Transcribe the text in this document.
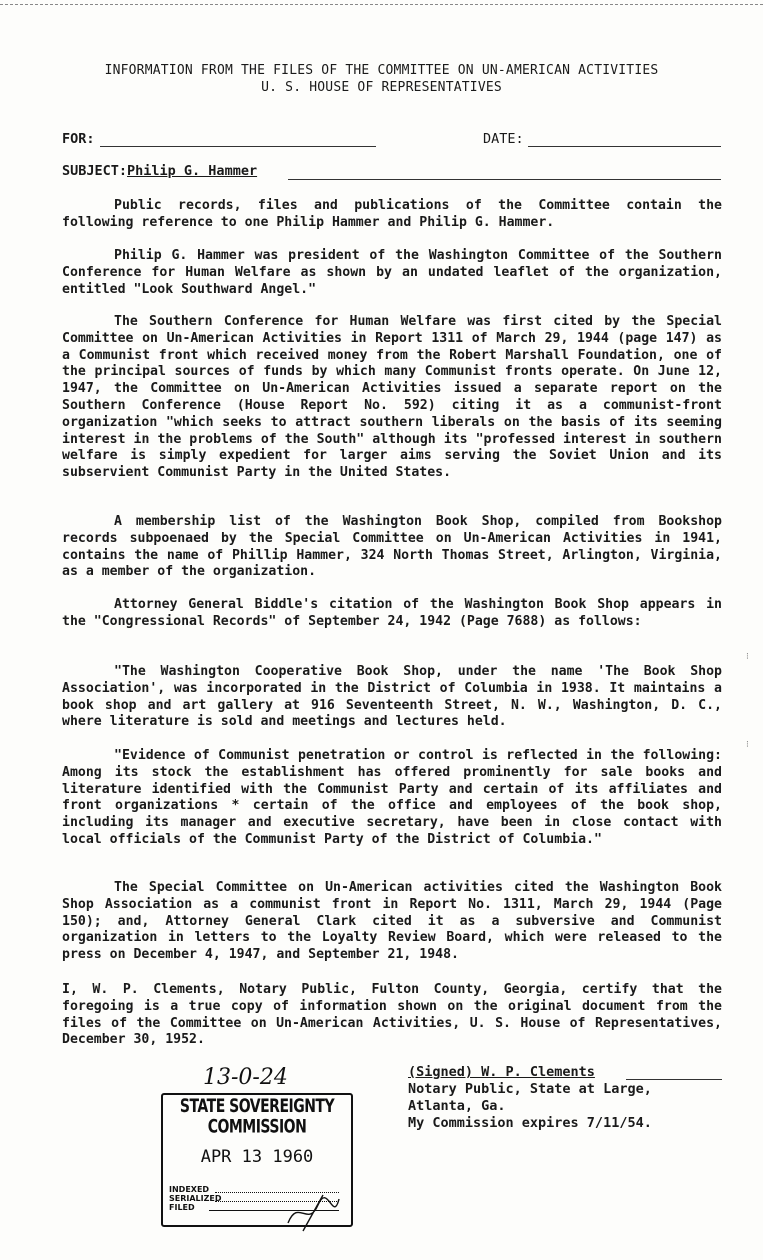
INFORMATION FROM THE FILES OF THE COMMITTEE ON UN-AMERICAN ACTIVITIES
U. S. HOUSE OF REPRESENTATIVES
FOR:	DATE:
SUBJECT:Philip G. Hammer

Public records, files and publications of the Committee contain the following reference to one Philip Hammer and Philip G. Hammer.

Philip G. Hammer was president of the Washington Committee of the Southern Conference for Human Welfare as shown by an undated leaflet of the organization, entitled "Look Southward Angel."

The Southern Conference for Human Welfare was first cited by the Special Committee on Un-American Activities in Report 1311 of March 29, 1944 (page 147) as a Communist front which received money from the Robert Marshall Foundation, one of the principal sources of funds by which many Communist fronts operate. On June 12, 1947, the Committee on Un-American Activities issued a separate report on the Southern Conference (House Report No. 592) citing it as a communist-front organization "which seeks to attract southern liberals on the basis of its seeming interest in the problems of the South" although its "professed interest in southern welfare is simply expedient for larger aims serving the Soviet Union and its subservient Communist Party in the United States.

A membership list of the Washington Book Shop, compiled from Bookshop records subpoenaed by the Special Committee on Un-American Activities in 1941, contains the name of Phillip Hammer, 324 North Thomas Street, Arlington, Virginia, as a member of the organization.

Attorney General Biddle's citation of the Washington Book Shop appears in the "Congressional Records" of September 24, 1942 (Page 7688) as follows:

"The Washington Cooperative Book Shop, under the name 'The Book Shop Association', was incorporated in the District of Columbia in 1938. It maintains a book shop and art gallery at 916 Seventeenth Street, N. W., Washington, D. C., where literature is sold and meetings and lectures held.

"Evidence of Communist penetration or control is reflected in the following: Among its stock the establishment has offered prominently for sale books and literature identified with the Communist Party and certain of its affiliates and front organizations * certain of the office and employees of the book shop, including its manager and executive secretary, have been in close contact with local officials of the Communist Party of the District of Columbia."

The Special Committee on Un-American activities cited the Washington Book Shop Association as a communist front in Report No. 1311, March 29, 1944 (Page 150); and, Attorney General Clark cited it as a subversive and Communist organization in letters to the Loyalty Review Board, which were released to the press on December 4, 1947, and September 21, 1948.

I, W. P. Clements, Notary Public, Fulton County, Georgia, certify that the foregoing is a true copy of information shown on the original document from the files of the Committee on Un-American Activities, U. S. House of Representatives, December 30, 1952.

(Signed) W. P. Clements
Notary Public, State at Large,
Atlanta, Ga.
My Commission expires 7/11/54.
13-0-24
STATE SOVEREIGNTY COMMISSION
APR 13 1960
INDEXED
SERIALIZED
FILED
⁝
⁝
